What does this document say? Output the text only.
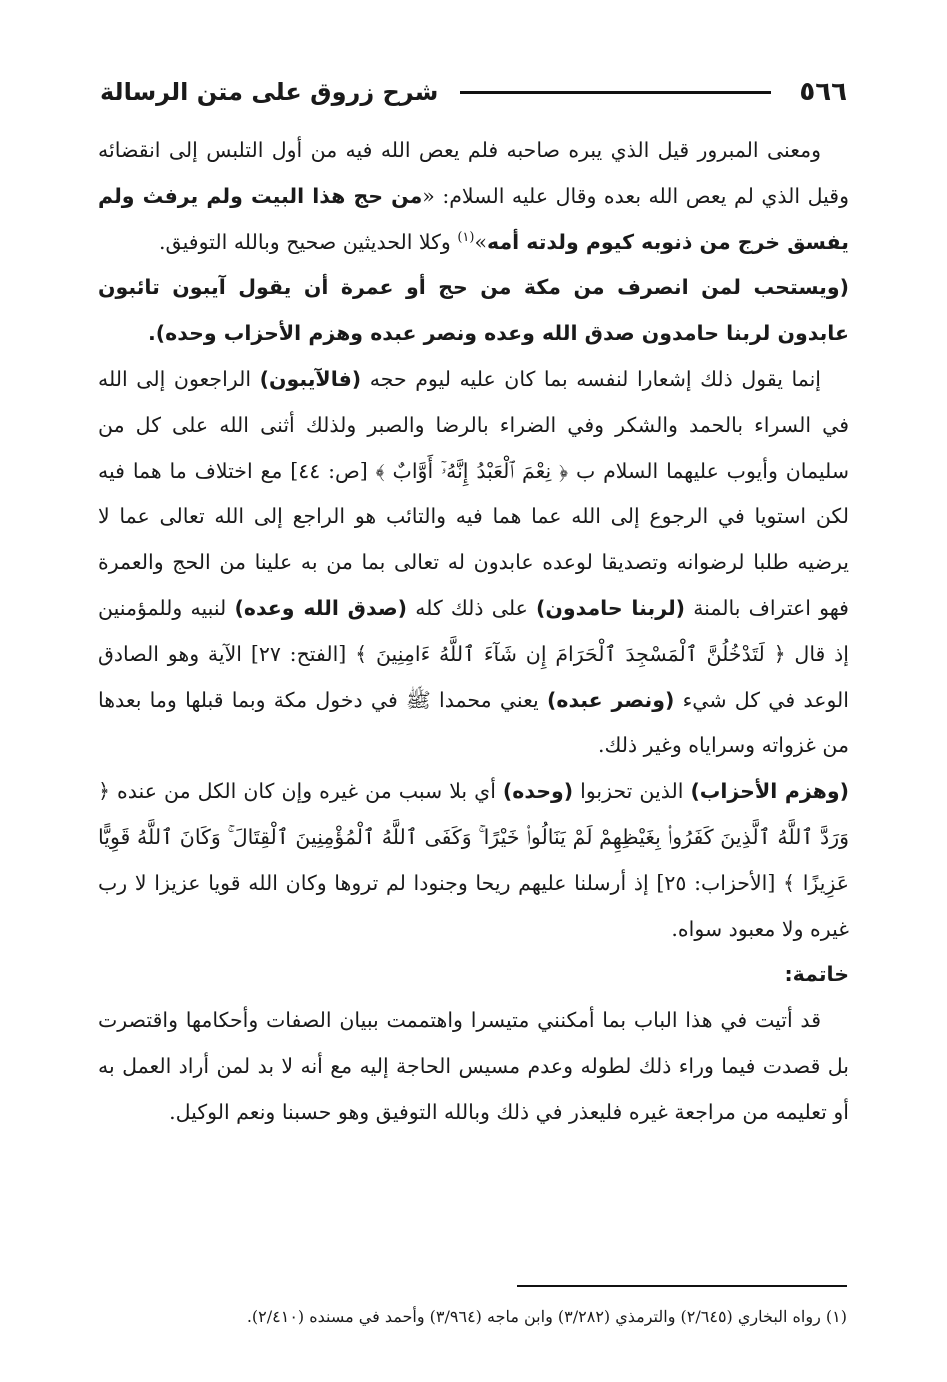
٥٦٦
شرح زروق على متن الرسالة

ومعنى المبرور قيل الذي يبره صاحبه فلم يعص الله فيه من أول التلبس إلى انقضائه وقيل الذي لم يعص الله بعده وقال عليه السلام: «من حج هذا البيت ولم يرفث ولم يفسق خرج من ذنوبه كيوم ولدته أمه»$^{(١)}$ وكلا الحديثين صحيح وبالله التوفيق.

(ويستحب لمن انصرف من مكة من حج أو عمرة أن يقول آيبون تائبون عابدون لربنا حامدون صدق الله وعده ونصر عبده وهزم الأحزاب وحده).

إنما يقول ذلك إشعارا لنفسه بما كان عليه ليوم حجه (فالآيبون) الراجعون إلى الله في السراء بالحمد والشكر وفي الضراء بالرضا والصبر ولذلك أثنى الله على كل من سليمان وأيوب عليهما السلام ب ﴿ نِعْمَ ٱلْعَبْدُ إِنَّهُۥٓ أَوَّابٌ ﴾ [ص: ٤٤] مع اختلاف ما هما فيه لكن استويا في الرجوع إلى الله عما هما فيه والتائب هو الراجع إلى الله تعالى عما لا يرضيه طلبا لرضوانه وتصديقا لوعده عابدون له تعالى بما من به علينا من الحج والعمرة فهو اعتراف بالمنة (لربنا حامدون) على ذلك كله (صدق الله وعده) لنبيه وللمؤمنين إذ قال ﴿ لَتَدْخُلُنَّ ٱلْمَسْجِدَ ٱلْحَرَامَ إِن شَآءَ ٱللَّهُ ءَامِنِينَ ﴾ [الفتح: ٢٧] الآية وهو الصادق الوعد في كل شيء (ونصر عبده) يعني محمدا ﷺ في دخول مكة وبما قبلها وما بعدها من غزواته وسراياه وغير ذلك.

(وهزم الأحزاب) الذين تحزبوا (وحده) أي بلا سبب من غيره وإن كان الكل من عنده ﴿ وَرَدَّ ٱللَّهُ ٱلَّذِينَ كَفَرُوا۟ بِغَيْظِهِمْ لَمْ يَنَالُوا۟ خَيْرًا ۚ وَكَفَى ٱللَّهُ ٱلْمُؤْمِنِينَ ٱلْقِتَالَ ۚ وَكَانَ ٱللَّهُ قَوِيًّا عَزِيزًا ﴾ [الأحزاب: ٢٥] إذ أرسلنا عليهم ريحا وجنودا لم تروها وكان الله قويا عزيزا لا رب غيره ولا معبود سواه.

خاتمة:

قد أتيت في هذا الباب بما أمكنني متيسرا واهتممت ببيان الصفات وأحكامها واقتصرت بل قصدت فيما وراء ذلك لطوله وعدم مسيس الحاجة إليه مع أنه لا بد لمن أراد العمل به أو تعليمه من مراجعة غيره فليعذر في ذلك وبالله التوفيق وهو حسبنا ونعم الوكيل.

(١) رواه البخاري (٢/٦٤٥) والترمذي (٣/٢٨٢) وابن ماجه (٣/٩٦٤) وأحمد في مسنده (٢/٤١٠).
